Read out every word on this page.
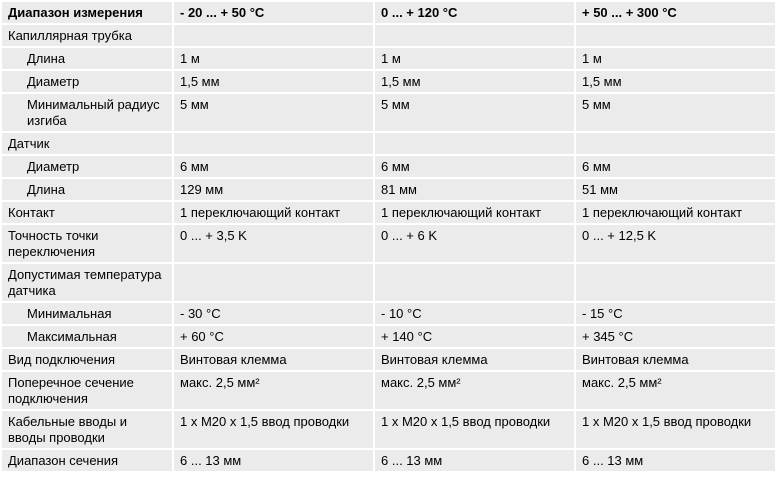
Диапазон измерения	- 20 ... + 50 °C	0 ... + 120 °C	+ 50 ... + 300 °C
Капиллярная трубка			
Длина	1 м	1 м	1 м
Диаметр	1,5 мм	1,5 мм	1,5 мм
Минимальный радиус изгиба	5 мм	5 мм	5 мм
Датчик			
Диаметр	6 мм	6 мм	6 мм
Длина	129 мм	81 мм	51 мм
Контакт	1 переключающий контакт	1 переключающий контакт	1 переключающий контакт
Точность точки переключения	0 ... + 3,5 K	0 ... + 6 K	0 ... + 12,5 K
Допустимая температура датчика			
Минимальная	- 30 °C	- 10 °C	- 15 °C
Максимальная	+ 60 °C	+ 140 °C	+ 345 °C
Вид подключения	Винтовая клемма	Винтовая клемма	Винтовая клемма
Поперечное сечение подключения	макс. 2,5 мм²	макс. 2,5 мм²	макс. 2,5 мм²
Кабельные вводы и вводы проводки	1 x M20 x 1,5 ввод проводки	1 x M20 x 1,5 ввод проводки	1 x M20 x 1,5 ввод проводки
Диапазон сечения	6 ... 13 мм	6 ... 13 мм	6 ... 13 мм
